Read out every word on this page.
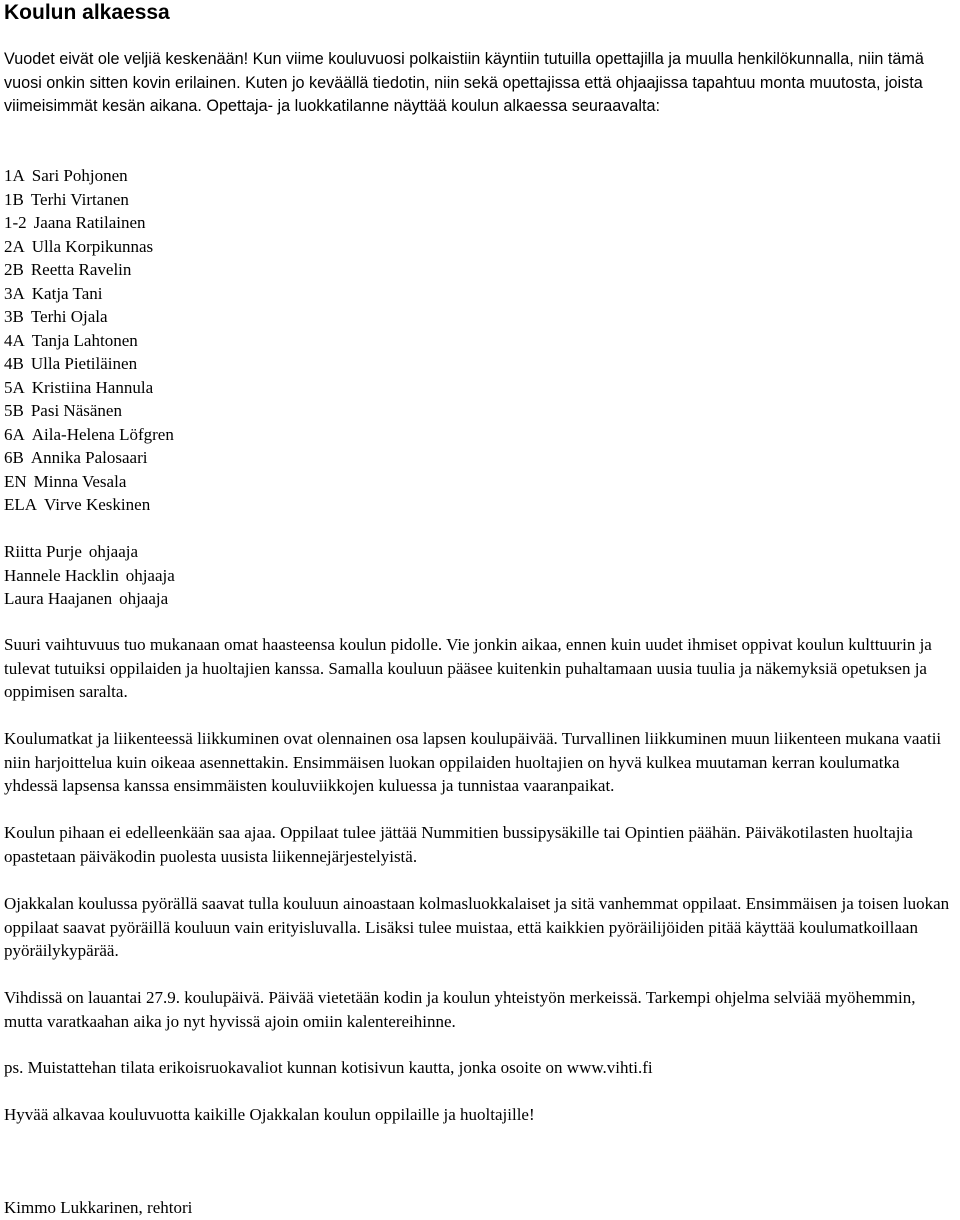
Koulun alkaessa

Vuodet eivät ole veljiä keskenään! Kun viime kouluvuosi polkaistiin käyntiin tutuilla opettajilla ja muulla henkilökunnalla, niin tämä vuosi onkin sitten kovin erilainen. Kuten jo keväällä tiedotin, niin sekä opettajissa että ohjaajissa tapahtuu monta muutosta, joista viimeisimmät kesän aikana. Opettaja- ja luokkatilanne näyttää koulun alkaessa seuraavalta:

1A Sari Pohjonen
1B Terhi Virtanen
1-2 Jaana Ratilainen
2A Ulla Korpikunnas
2B Reetta Ravelin
3A Katja Tani
3B Terhi Ojala
4A Tanja Lahtonen
4B Ulla Pietiläinen
5A Kristiina Hannula
5B Pasi Näsänen
6A Aila-Helena Löfgren
6B Annika Palosaari
EN Minna Vesala
ELA Virve Keskinen
Riitta Purje ohjaaja
Hannele Hacklin ohjaaja
Laura Haajanen ohjaaja

Suuri vaihtuvuus tuo mukanaan omat haasteensa koulun pidolle. Vie jonkin aikaa, ennen kuin uudet ihmiset oppivat koulun kulttuurin ja tulevat tutuiksi oppilaiden ja huoltajien kanssa. Samalla kouluun pääsee kuitenkin puhaltamaan uusia tuulia ja näkemyksiä opetuksen ja oppimisen saralta.

Koulumatkat ja liikenteessä liikkuminen ovat olennainen osa lapsen koulupäivää. Turvallinen liikkuminen muun liikenteen mukana vaatii niin harjoittelua kuin oikeaa asennettakin. Ensimmäisen luokan oppilaiden huoltajien on hyvä kulkea muutaman kerran koulumatka yhdessä lapsensa kanssa ensimmäisten kouluviikkojen kuluessa ja tunnistaa vaaranpaikat.

Koulun pihaan ei edelleenkään saa ajaa. Oppilaat tulee jättää Nummitien bussipysäkille tai Opintien päähän. Päiväkotilasten huoltajia opastetaan päiväkodin puolesta uusista liikennejärjestelyistä.

Ojakkalan koulussa pyörällä saavat tulla kouluun ainoastaan kolmasluokkalaiset ja sitä vanhemmat oppilaat. Ensimmäisen ja toisen luokan oppilaat saavat pyöräillä kouluun vain erityisluvalla. Lisäksi tulee muistaa, että kaikkien pyöräilijöiden pitää käyttää koulumatkoillaan pyöräilykypärää.

Vihdissä on lauantai 27.9. koulupäivä. Päivää vietetään kodin ja koulun yhteistyön merkeissä. Tarkempi ohjelma selviää myöhemmin, mutta varatkaahan aika jo nyt hyvissä ajoin omiin kalentereihinne.

ps. Muistattehan tilata erikoisruokavaliot kunnan kotisivun kautta, jonka osoite on www.vihti.fi

Hyvää alkavaa kouluvuotta kaikille Ojakkalan koulun oppilaille ja huoltajille!

Kimmo Lukkarinen, rehtori
